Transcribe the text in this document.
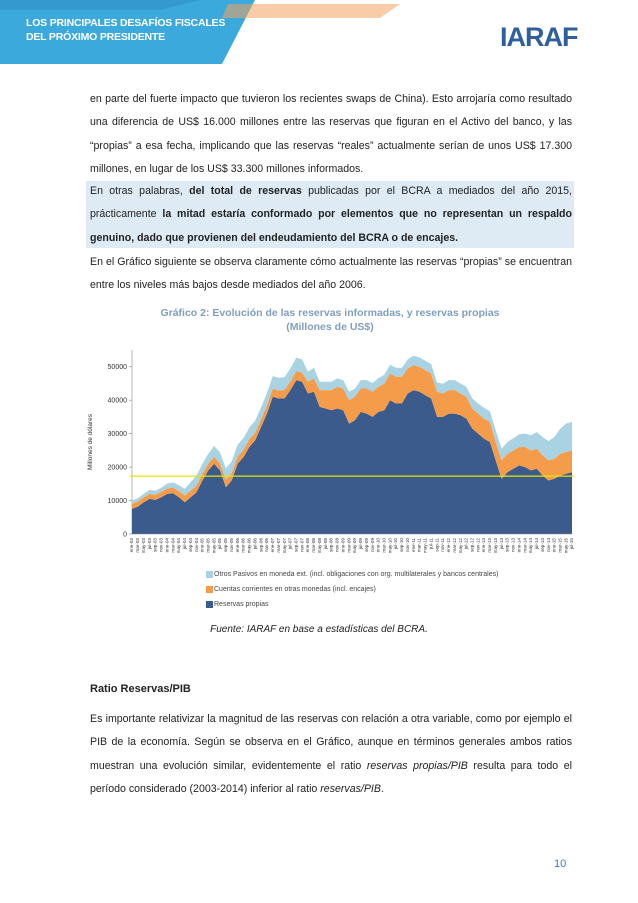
LOS PRINCIPALES DESAFÍOS FISCALES DEL PRÓXIMO PRESIDENTE	IARAF

en parte del fuerte impacto que tuvieron los recientes swaps de China). Esto arrojaría como resultado una diferencia de US$ 16.000 millones entre las reservas que figuran en el Activo del banco, y las “propias” a esa fecha, implicando que las reservas “reales” actualmente serían de unos US$ 17.300 millones, en lugar de los US$ 33.300 millones informados.

En otras palabras, del total de reservas publicadas por el BCRA a mediados del año 2015, prácticamente la mitad estaría conformado por elementos que no representan un respaldo genuino, dado que provienen del endeudamiento del BCRA o de encajes.

En el Gráfico siguiente se observa claramente cómo actualmente las reservas “propias” se encuentran entre los niveles más bajos desde mediados del año 2006.

Gráfico 2: Evolución de las reservas informadas, y reservas propias
(Millones de US$)
0
10000
20000
30000
40000
50000
Millones de dólares
ene-03 mar-03 may-03 jul-03 sep-03 nov-03 ene-04 mar-04 may-04 jul-04 sep-04 nov-04 ene-05 mar-05 may-05 jul-05 sep-05 nov-05 ene-06 mar-06 may-06 jul-06 sep-06 nov-06 ene-07 mar-07 may-07 jul-07 sep-07 nov-07 ene-08 mar-08 may-08 jul-08 sep-08 nov-08 ene-09 mar-09 may-09 jul-09 sep-09 nov-09 ene-10 mar-10 may-10 jul-10 sep-10 nov-10 ene-11 mar-11 may-11 jul-11 sep-11 nov-11 ene-12 mar-12 may-12 jul-12 sep-12 nov-12 ene-13 mar-13 may-13 jul-13 sep-13 nov-13 ene-14 mar-14 may-14 jul-14 sep-14 nov-14 ene-15 mar-15 may-15 jul-15
Otros Pasivos en moneda ext. (incl. obligaciones con org. multilaterales y bancos centrales)
Cuentas corrientes en otras monedas (incl. encajes)
Reservas propias
Fuente: IARAF en base a estadísticas del BCRA.
Ratio Reservas/PIB

Es importante relativizar la magnitud de las reservas con relación a otra variable, como por ejemplo el PIB de la economía. Según se observa en el Gráfico, aunque en términos generales ambos ratios muestran una evolución similar, evidentemente el ratio reservas propias/PIB resulta para todo el período considerado (2003-2014) inferior al ratio reservas/PIB.

10
